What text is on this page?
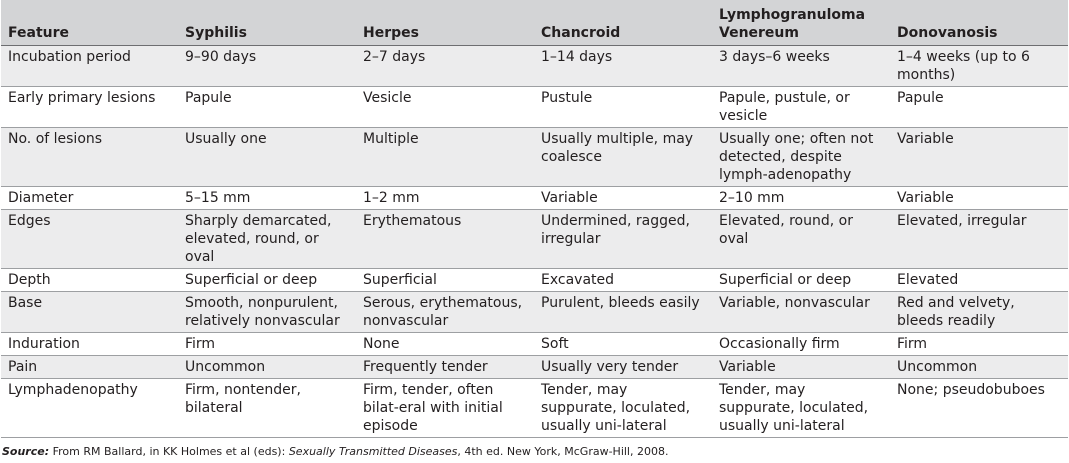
Feature	Syphilis	Herpes	Chancroid	Lymphogranuloma Venereum	Donovanosis
Incubation period	9–90 days	2–7 days	1–14 days	3 days–6 weeks	1–4 weeks (up to 6 months)
Early primary lesions	Papule	Vesicle	Pustule	Papule, pustule, or vesicle	Papule
No. of lesions	Usually one	Multiple	Usually multiple, may coalesce	Usually one; often not detected, despite lymph-adenopathy	Variable
Diameter	5–15 mm	1–2 mm	Variable	2–10 mm	Variable
Edges	Sharply demarcated, elevated, round, or oval	Erythematous	Undermined, ragged, irregular	Elevated, round, or oval	Elevated, irregular
Depth	Superficial or deep	Superficial	Excavated	Superficial or deep	Elevated
Base	Smooth, nonpurulent, relatively nonvascular	Serous, erythematous, nonvascular	Purulent, bleeds easily	Variable, nonvascular	Red and velvety, bleeds readily
Induration	Firm	None	Soft	Occasionally firm	Firm
Pain	Uncommon	Frequently tender	Usually very tender	Variable	Uncommon
Lymphadenopathy	Firm, nontender, bilateral	Firm, tender, often bilat-eral with initial episode	Tender, may suppurate, loculated, usually uni-lateral	Tender, may suppurate, loculated, usually uni-lateral	None; pseudobuboes
Source: From RM Ballard, in KK Holmes et al (eds): Sexually Transmitted Diseases, 4th ed. New York, McGraw-Hill, 2008.
